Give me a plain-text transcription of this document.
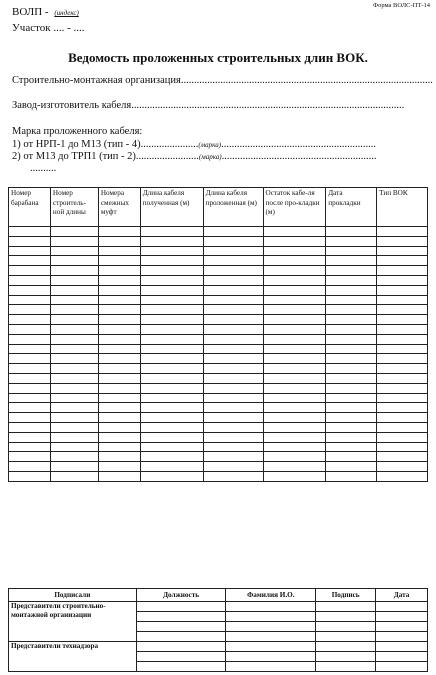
Форма ВОЛС-ПТ-14
ВОЛП - (индекс)
Участок .... - ....
Ведомость проложенных строительных длин ВОК.
Строительно-монтажная организация................................................................................................
Завод-изготовитель кабеля........................................................................................................
Марка проложенного кабеля:
1) от НРП-1 до М13 (тип - 4)......................(марка)...........................................................
2) от М13 до ТРП1 (тип - 2)........................(марка)...........................................................
..........
Номер барабана	Номер строитель-ной длины	Номера смежных муфт	Длина кабеля полученная (м)	Длина кабеля проложенная (м)	Остаток кабе-ля после про-кладки (м)	Дата прокладки	Тип ВОК

Подписали	Должность	Фамилия И.О.	Подпись	Дата
Представители строительно-монтажной организации				

Представители технадзора				
